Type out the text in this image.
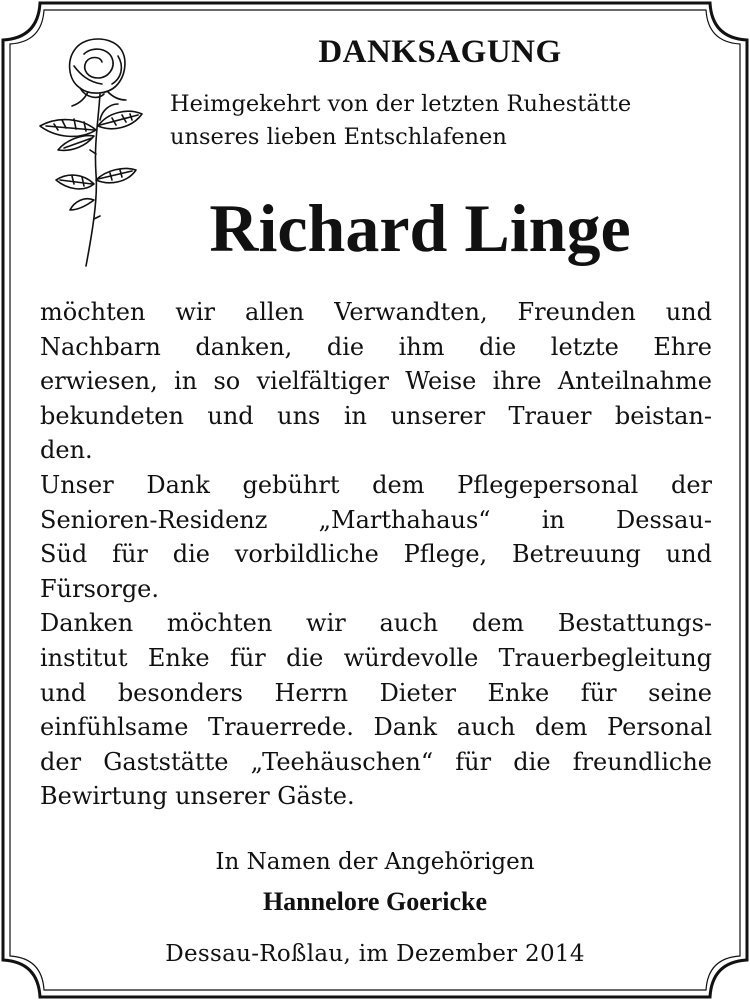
DANKSAGUNG
Heimgekehrt von der letzten Ruhestätte
unseres lieben Entschlafenen
Richard Linge
möchten wir allen Verwandten, Freunden und
Nachbarn danken, die ihm die letzte Ehre
erwiesen, in so vielfältiger Weise ihre Anteilnahme
bekundeten und uns in unserer Trauer beistan-
den.
Unser Dank gebührt dem Pflegepersonal der
Senioren-Residenz „Marthahaus“ in Dessau-
Süd für die vorbildliche Pflege, Betreuung und
Fürsorge.
Danken möchten wir auch dem Bestattungs-
institut Enke für die würdevolle Trauerbegleitung
und besonders Herrn Dieter Enke für seine
einfühlsame Trauerrede. Dank auch dem Personal
der Gaststätte „Teehäuschen“ für die freundliche
Bewirtung unserer Gäste.
In Namen der Angehörigen
Hannelore Goericke
Dessau-Roßlau, im Dezember 2014
